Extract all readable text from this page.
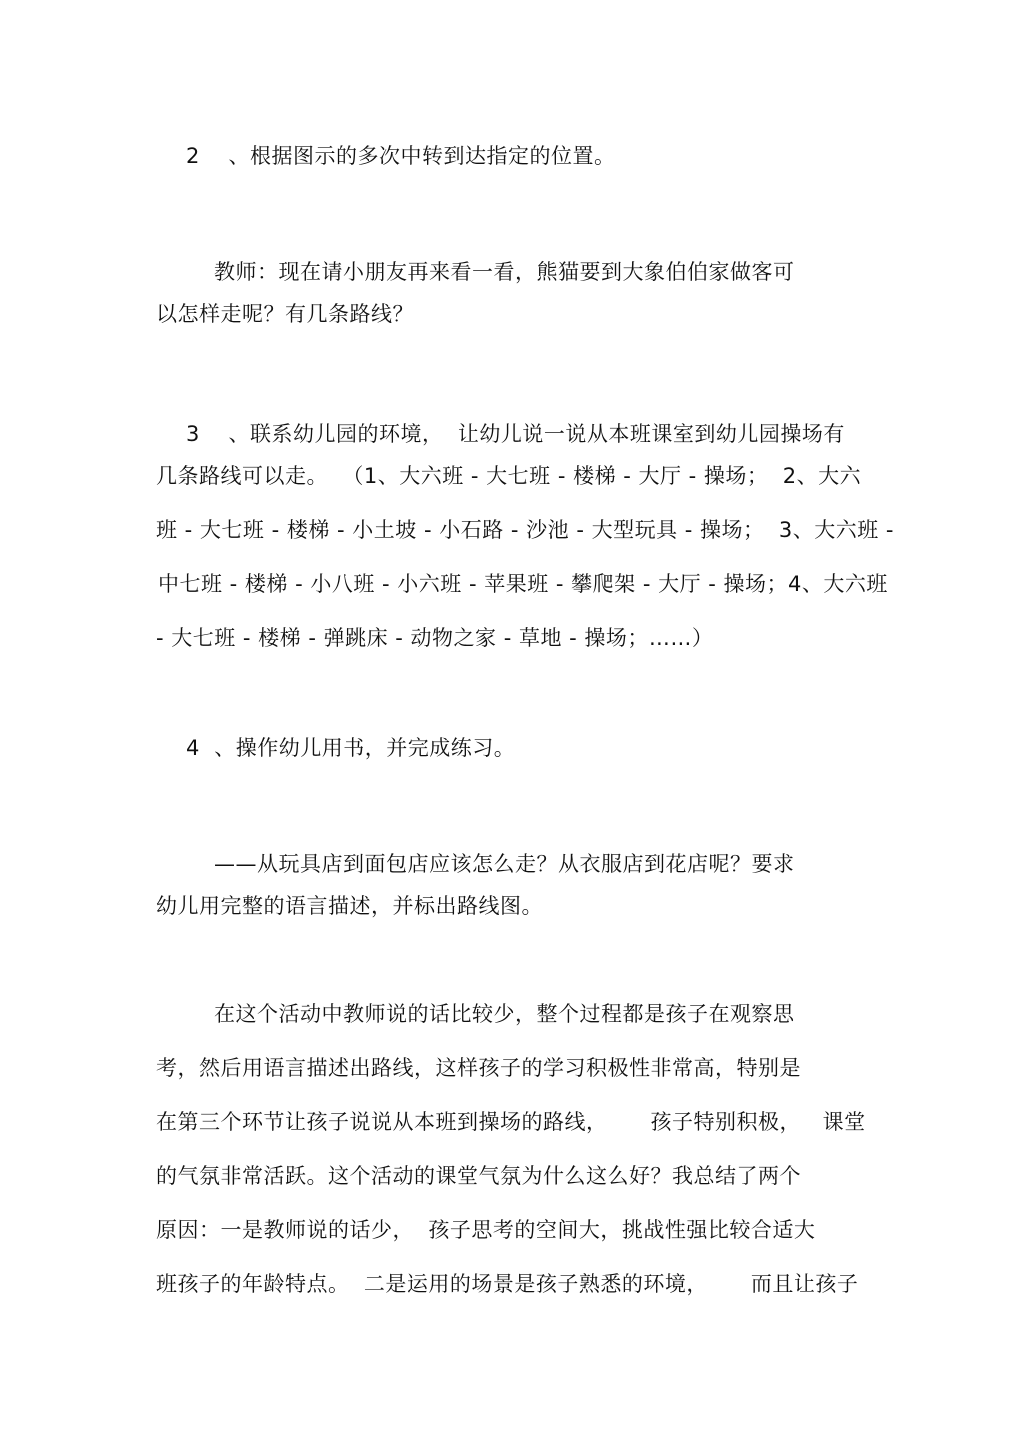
2    、根据图示的多次中转到达指定的位置。
教师：现在请小朋友再来看一看，熊猫要到大象伯伯家做客可
以怎样走呢？有几条路线？
3    、联系幼儿园的环境，  让幼儿说一说从本班课室到幼儿园操场有
几条路线可以走。  （1、大六班 - 大七班 - 楼梯 - 大厅 - 操场；  2、大六
班 - 大七班 - 楼梯 - 小土坡 - 小石路 - 沙池 - 大型玩具 - 操场；  3、大六班 -
中七班 - 楼梯 - 小八班 - 小六班 - 苹果班 - 攀爬架 - 大厅 - 操场；4、大六班
- 大七班 - 楼梯 - 弹跳床 - 动物之家 - 草地 - 操场；……）
4  、操作幼儿用书，并完成练习。
——从玩具店到面包店应该怎么走？从衣服店到花店呢？要求
幼儿用完整的语言描述，并标出路线图。
在这个活动中教师说的话比较少，整个过程都是孩子在观察思
考，然后用语言描述出路线，这样孩子的学习积极性非常高，特别是
在第三个环节让孩子说说从本班到操场的路线，      孩子特别积极，   课堂
的气氛非常活跃。这个活动的课堂气氛为什么这么好？我总结了两个
原因：一是教师说的话少，  孩子思考的空间大，挑战性强比较合适大
班孩子的年龄特点。  二是运用的场景是孩子熟悉的环境，      而且让孩子
